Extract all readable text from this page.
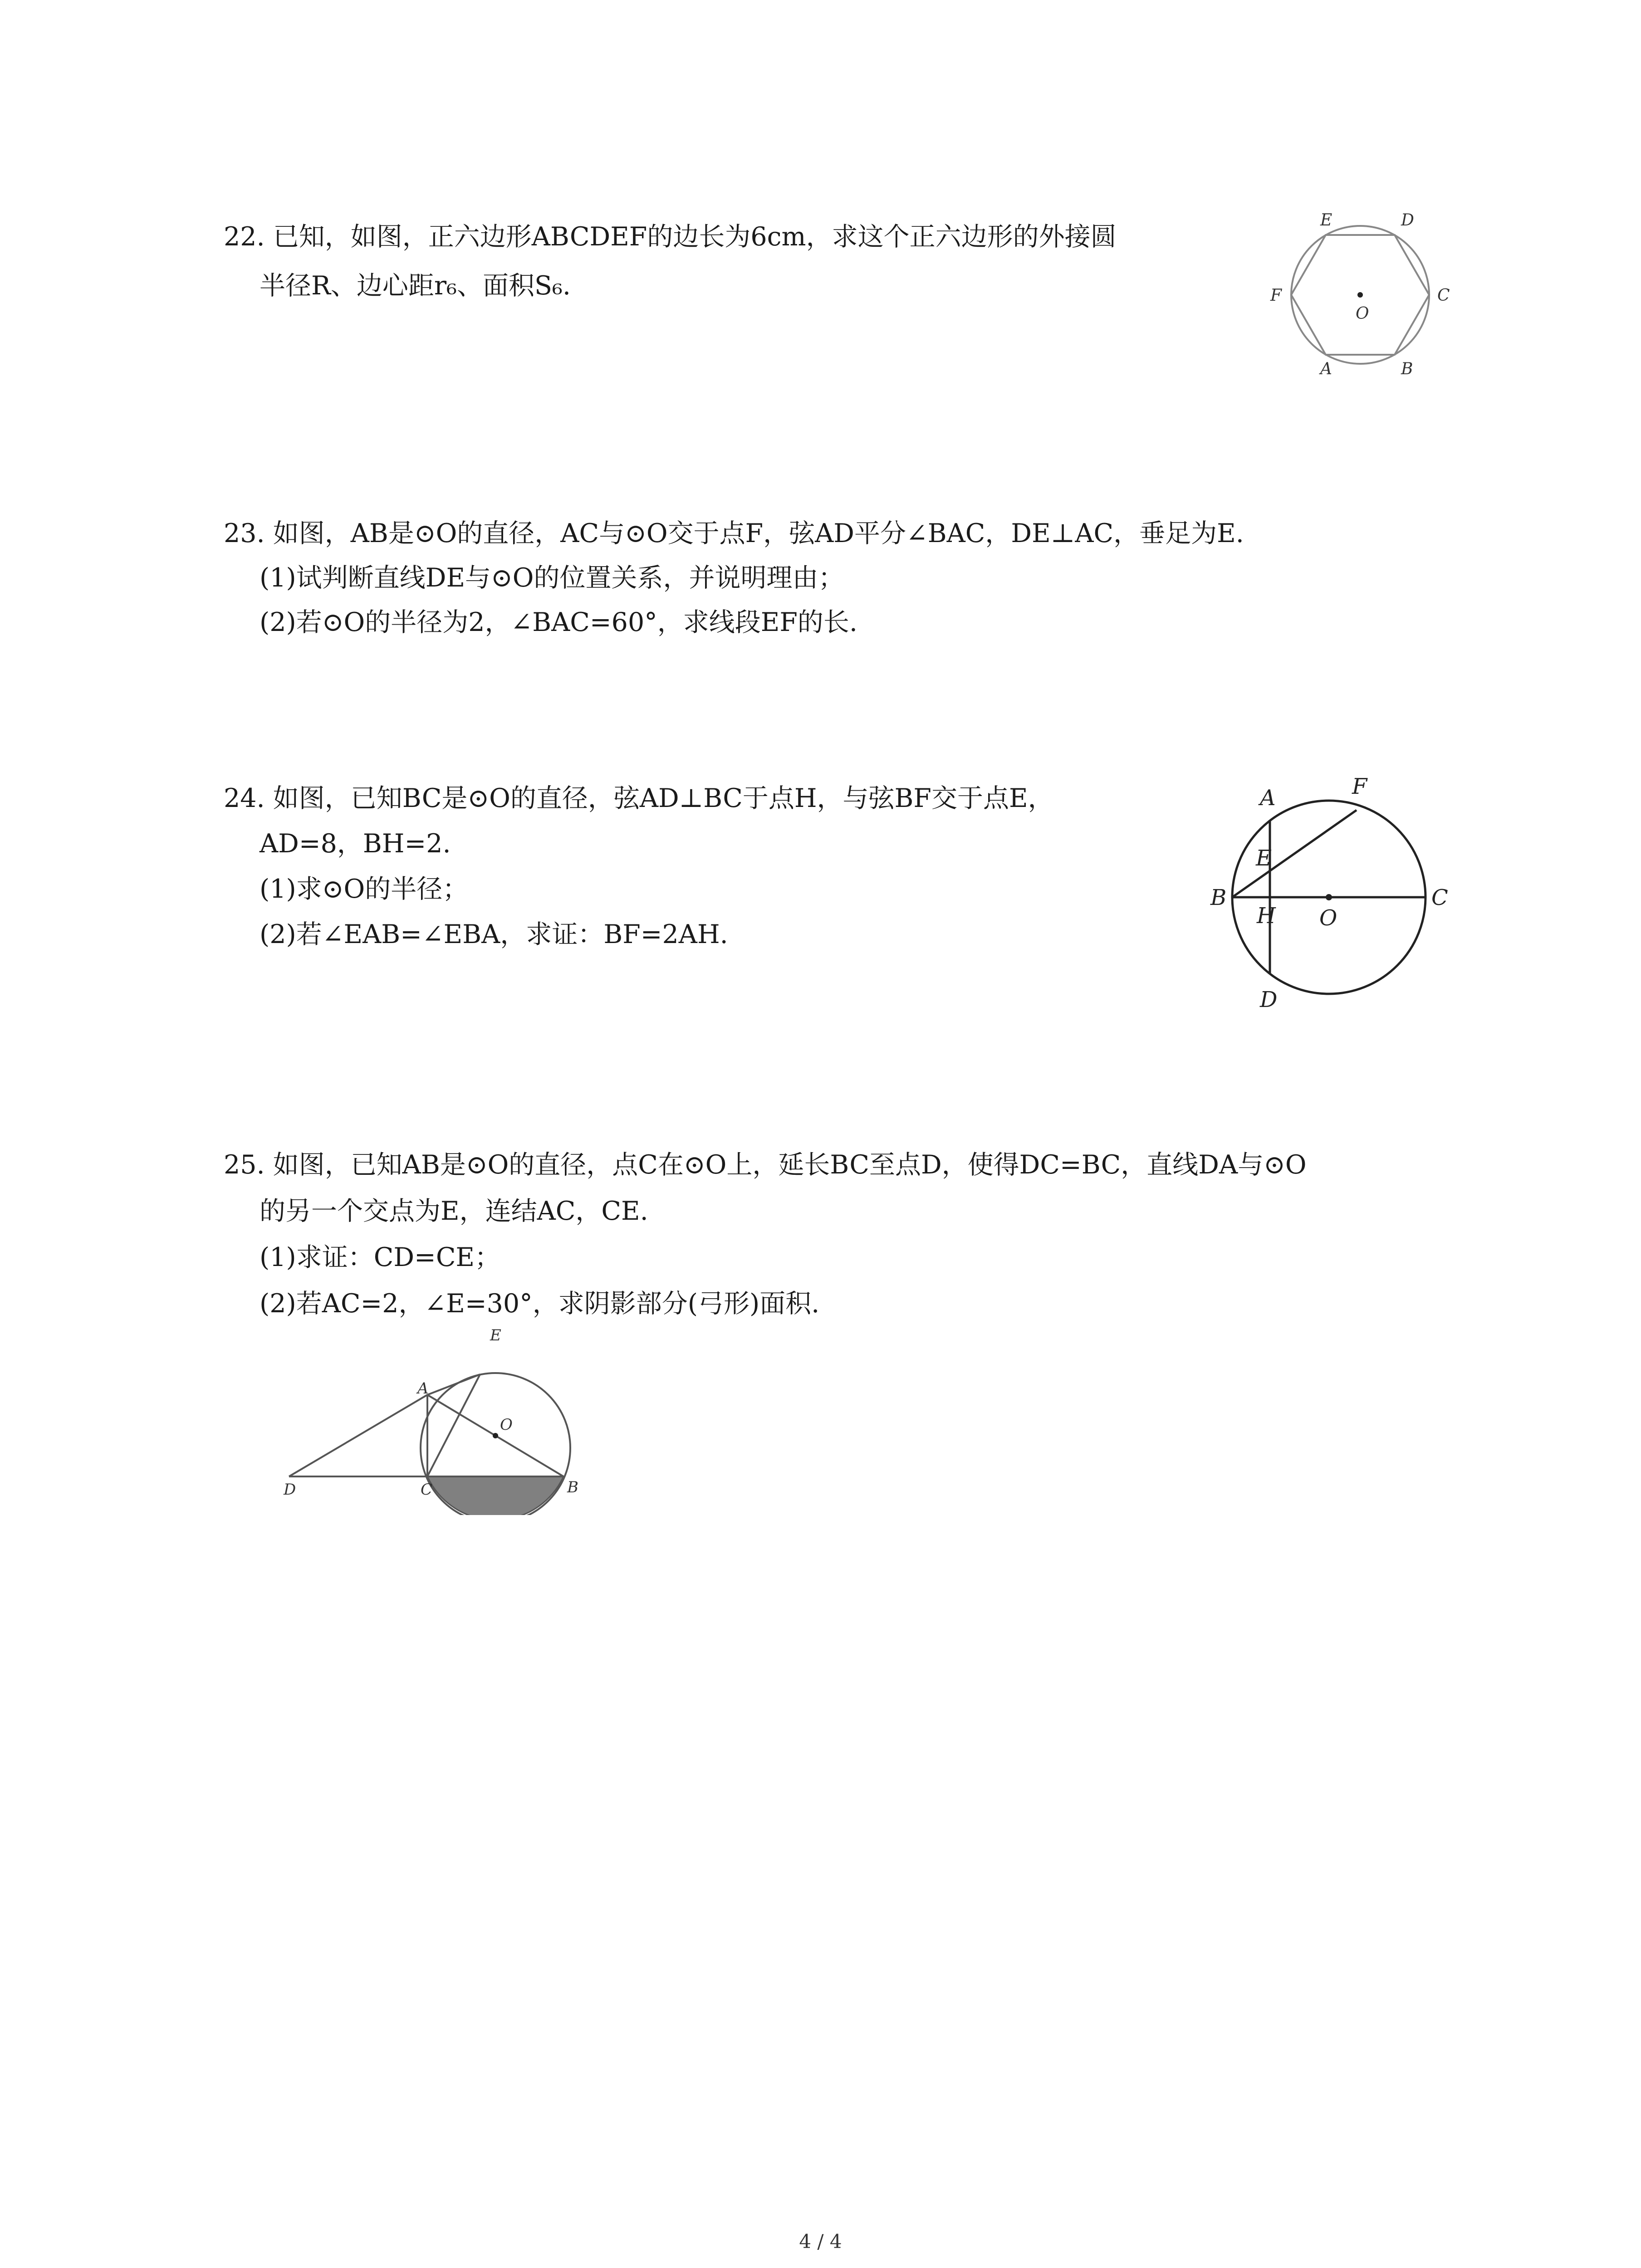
22. 已知，如图，正六边形ABCDEF的边长为6cm，求这个正六边形的外接圆
半径R、边心距r₆、面积S₆.
A	B
C
D
E
F
O
23. 如图，AB是⊙O的直径，AC与⊙O交于点F，弦AD平分∠BAC，DE⊥AC，垂足为E.
(1)试判断直线DE与⊙O的位置关系，并说明理由；
(2)若⊙O的半径为2，∠BAC=60°，求线段EF的长.
24. 如图，已知BC是⊙O的直径，弦AD⊥BC于点H，与弦BF交于点E，
AD=8，BH=2.
(1)求⊙O的半径；
(2)若∠EAB=∠EBA，求证：BF=2AH.
A
B	C
D
E
F
H O
25. 如图，已知AB是⊙O的直径，点C在⊙O上，延长BC至点D，使得DC=BC，直线DA与⊙O
的另一个交点为E，连结AC，CE.
(1)求证：CD=CE；
(2)若AC=2，∠E=30°，求阴影部分(弓形)面积.
A
B
C
D
E
O
4 / 4
